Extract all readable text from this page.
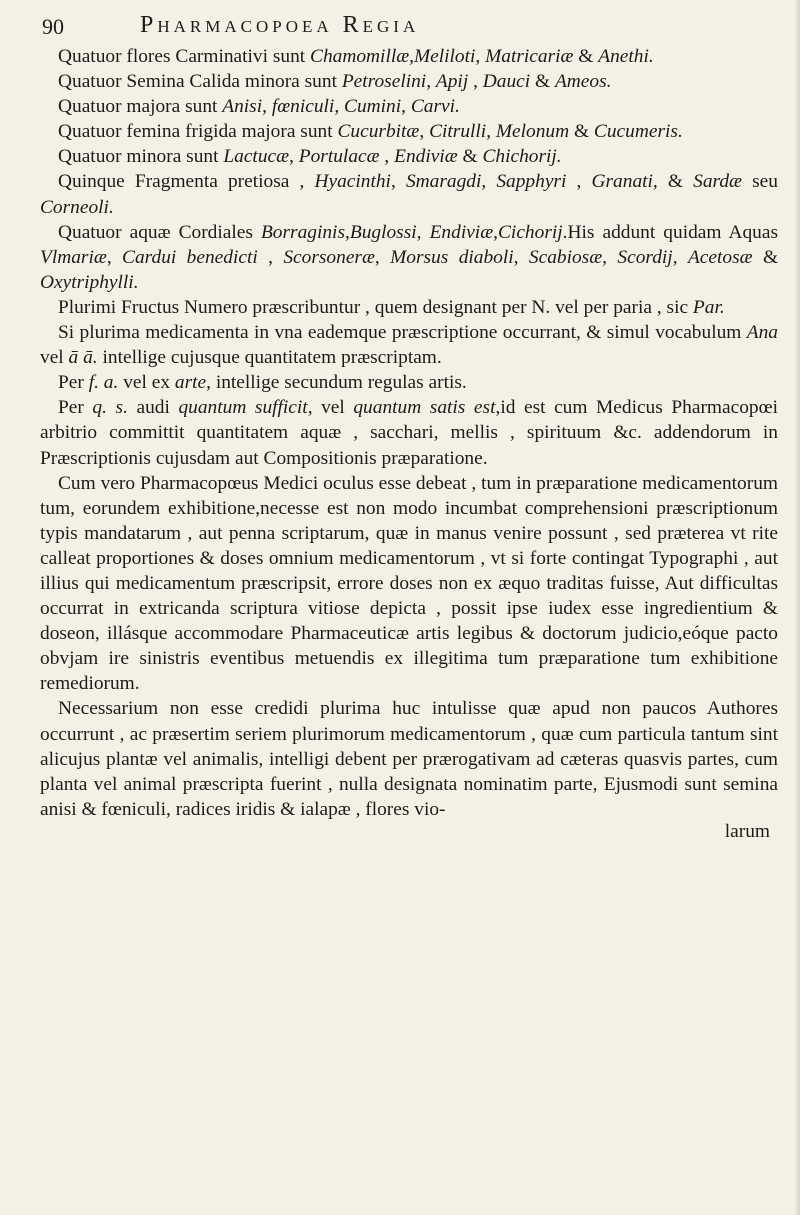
90	Pharmacopoea Regia

Quatuor flores Carminativi sunt Chamomillæ,Meliloti, Matricariæ & Anethi.

Quatuor Semina Calida minora sunt Petroselini, Apij , Dauci & Ameos.

Quatuor majora sunt Anisi, fœniculi, Cumini, Carvi.

Quatuor femina frigida majora sunt Cucurbitæ, Citrulli, Melonum & Cucumeris.

Quatuor minora sunt Lactucæ, Portulacæ , Endiviæ & Chichorij.

Quinque Fragmenta pretiosa , Hyacinthi, Smaragdi, Sapphyri , Granati, & Sardæ seu Corneoli.

Quatuor aquæ Cordiales Borraginis,Buglossi, Endiviæ,Cichorij.His addunt quidam Aquas Vlmariæ, Cardui benedicti , Scorsoneræ, Morsus diaboli, Scabiosæ, Scordij, Acetosæ & Oxytriphylli.

Plurimi Fructus Numero præscribuntur , quem designant per N. vel per paria , sic Par.

Si plurima medicamenta in vna eademque præscriptione occurrant, & simul vocabulum Ana vel ā ā. intellige cujusque quantitatem præscriptam.

Per f. a. vel ex arte, intellige secundum regulas artis.

Per q. s. audi quantum sufficit, vel quantum satis est,id est cum Medicus Pharmacopœi arbitrio committit quantitatem aquæ , sacchari, mellis , spirituum &c. addendorum in Præscriptionis cujusdam aut Compositionis præparatione.

Cum vero Pharmacopœus Medici oculus esse debeat , tum in præparatione medicamentorum tum, eorundem exhibitione,necesse est non modo incumbat comprehensioni præscriptionum typis mandatarum , aut penna scriptarum, quæ in manus venire possunt , sed præterea vt rite calleat proportiones & doses omnium medicamentorum , vt si forte contingat Typographi , aut illius qui medicamentum præscripsit, errore doses non ex æquo traditas fuisse, Aut difficultas occurrat in extricanda scriptura vitiose depicta , possit ipse iudex esse ingredientium & doseon, illásque accommodare Pharmaceuticæ artis legibus & doctorum judicio,eóque pacto obvjam ire sinistris eventibus metuendis ex illegitima tum præparatione tum exhibitione remediorum.

Necessarium non esse credidi plurima huc intulisse quæ apud non paucos Authores occurrunt , ac præsertim seriem plurimorum medicamentorum , quæ cum particula tantum sint alicujus plantæ vel animalis, intelligi debent per prærogativam ad cæteras quasvis partes, cum planta vel animal præscripta fuerint , nulla designata nominatim parte, Ejusmodi sunt semina anisi & fœniculi, radices iridis & ialapæ , flores vio-

larum
